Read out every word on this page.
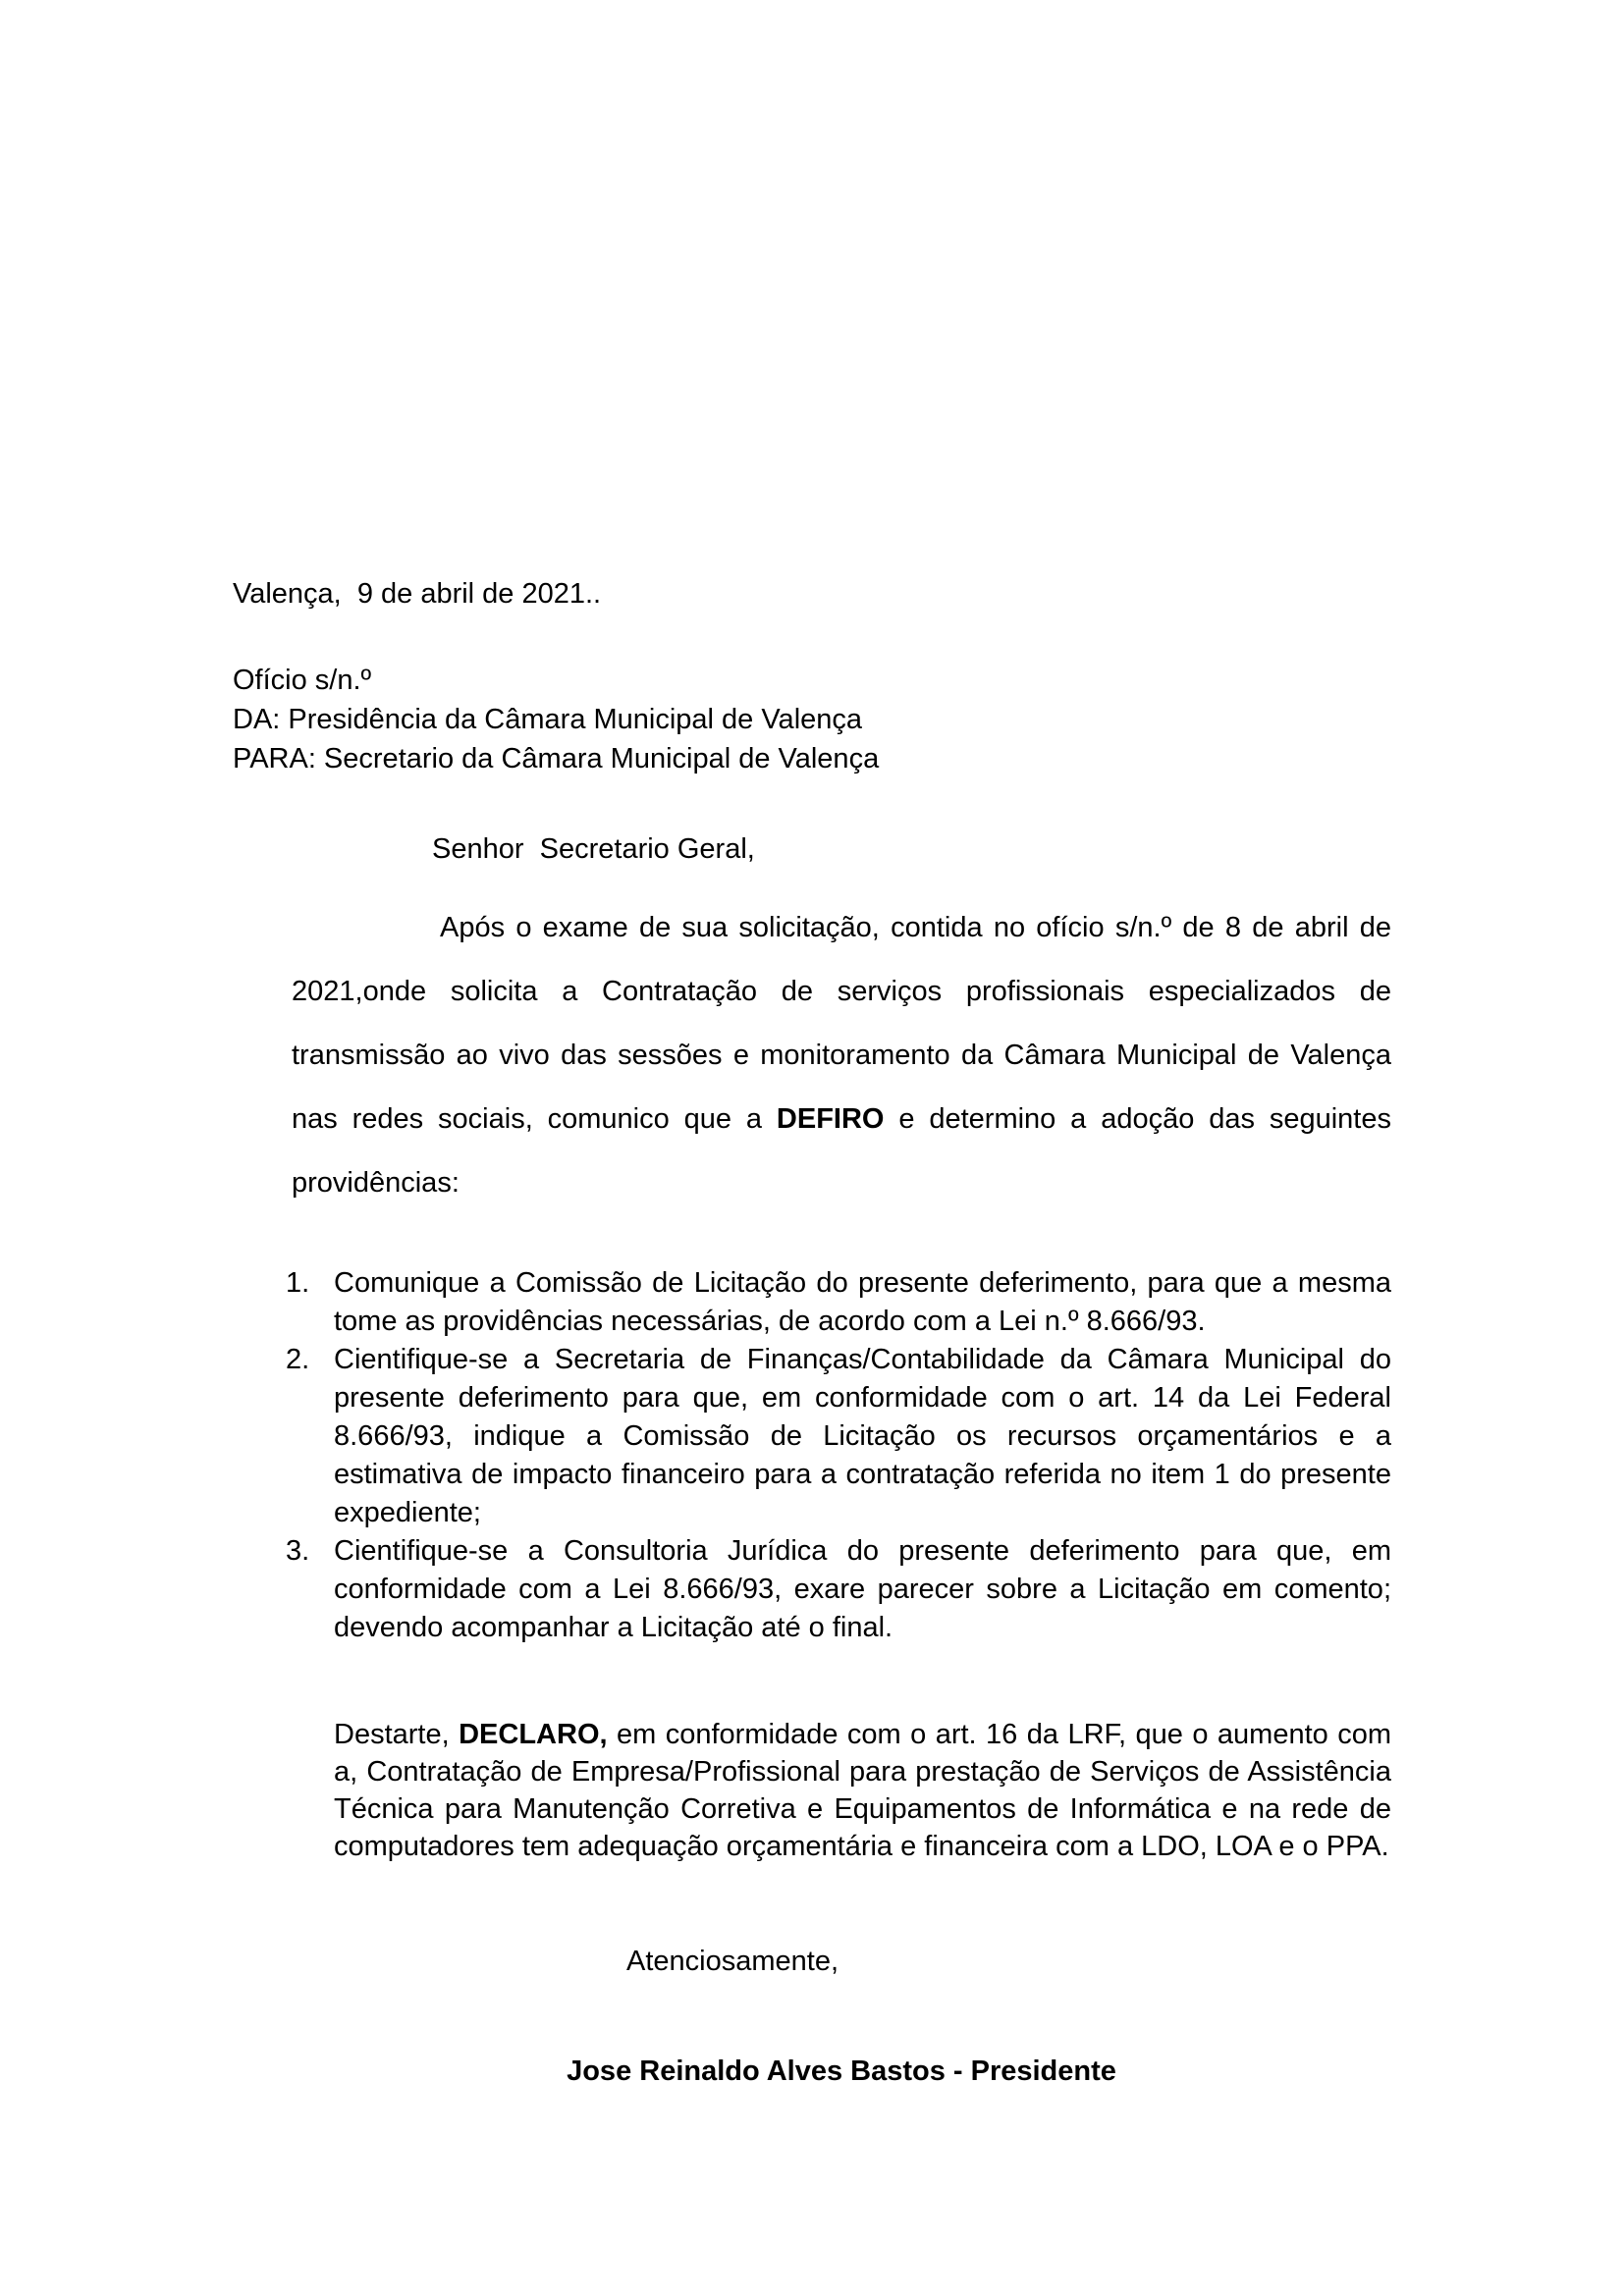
Valença,  9 de abril de 2021..
Ofício s/n.º
DA: Presidência da Câmara Municipal de Valença
PARA: Secretario da Câmara Municipal de Valença
Senhor  Secretario Geral,
Após o exame de sua solicitação, contida no ofício s/n.º de 8 de abril de 2021,onde solicita a Contratação de serviços profissionais especializados de transmissão ao vivo das sessões e monitoramento da Câmara Municipal de Valença nas redes sociais, comunico que a DEFIRO e determino a adoção das seguintes providências:
1. Comunique a Comissão de Licitação do presente deferimento, para que a mesma tome as providências necessárias, de acordo com a Lei n.º 8.666/93.
2. Cientifique-se a Secretaria de Finanças/Contabilidade da Câmara Municipal do presente deferimento para que, em conformidade com o art. 14 da Lei Federal 8.666/93, indique a Comissão de Licitação os recursos orçamentários e a estimativa de impacto financeiro para a contratação referida no item 1 do presente expediente;
3. Cientifique-se a Consultoria Jurídica do presente deferimento para que, em conformidade com a Lei 8.666/93, exare parecer sobre a Licitação em comento; devendo acompanhar a Licitação até o final.
Destarte, DECLARO, em conformidade com o art. 16 da LRF, que o aumento com a, Contratação de Empresa/Profissional para prestação de Serviços de Assistência Técnica para Manutenção Corretiva e Equipamentos de Informática e na rede de computadores tem adequação orçamentária e financeira com a LDO, LOA e o PPA.
Atenciosamente,
Jose Reinaldo Alves Bastos - Presidente
